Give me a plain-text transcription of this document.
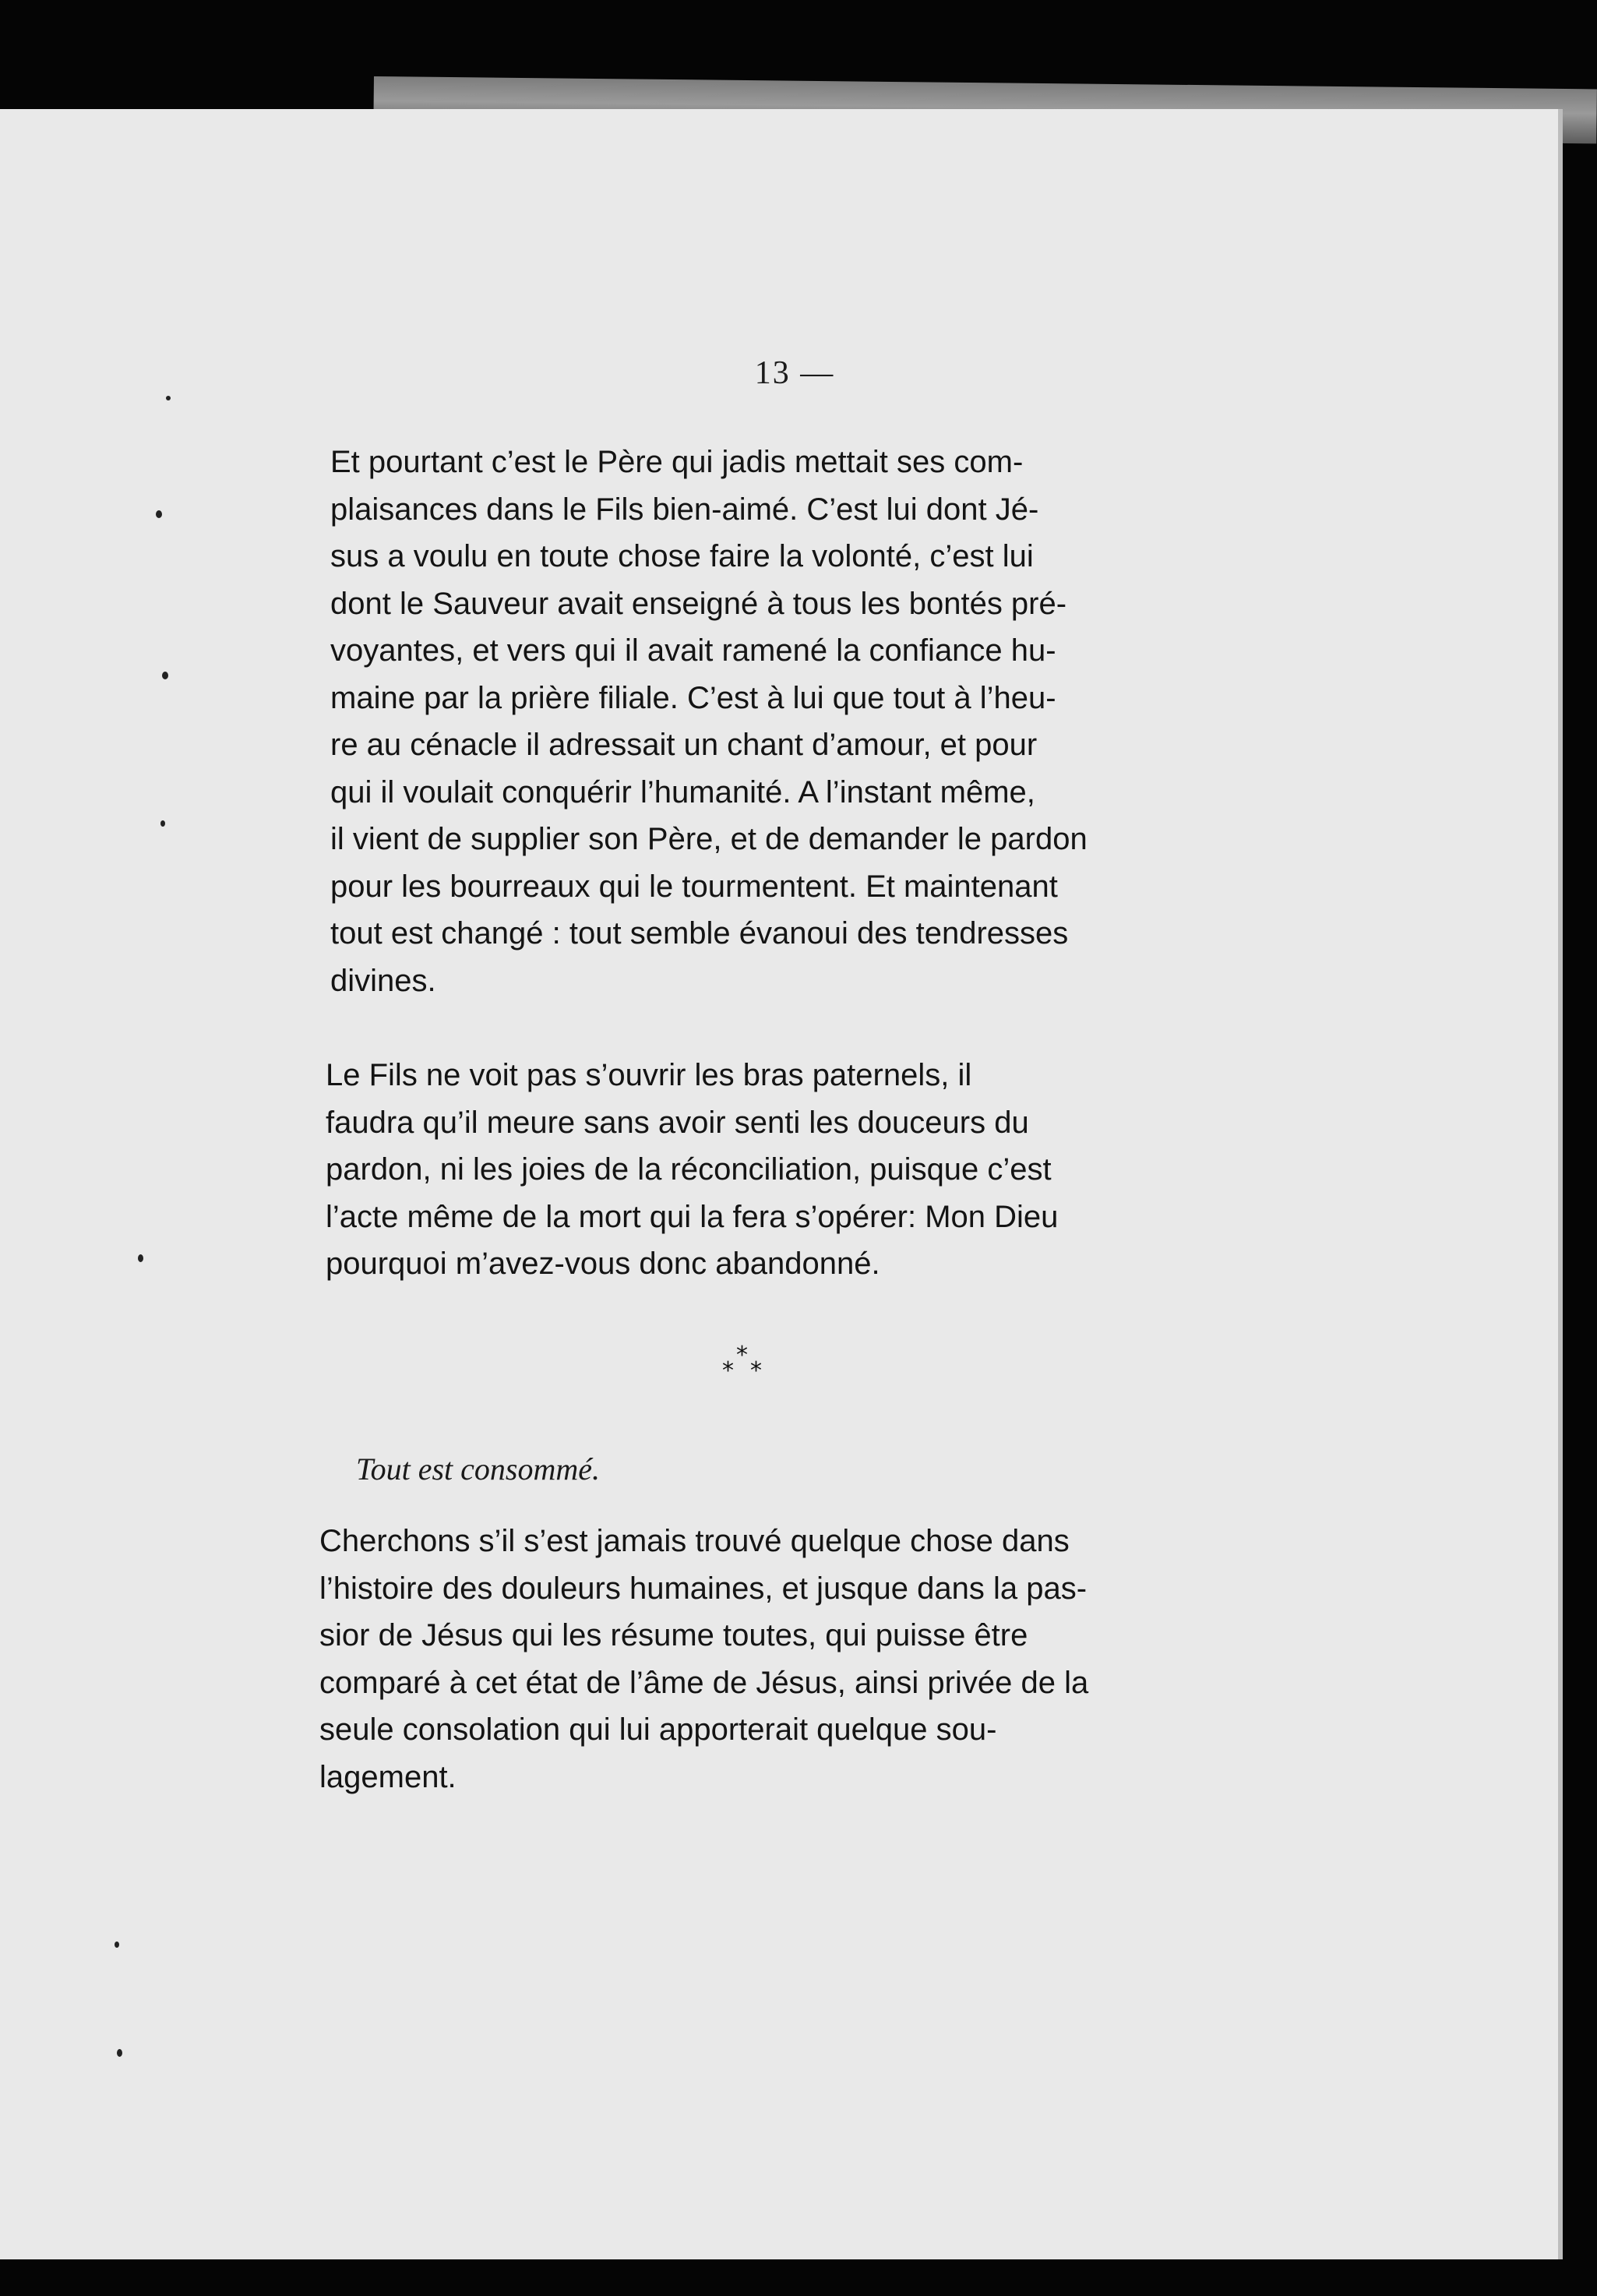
13 —

Et pourtant c’est le Père qui jadis mettait ses com-
plaisances dans le Fils bien-aimé. C’est lui dont Jé-
sus a voulu en toute chose faire la volonté, c’est lui
dont le Sauveur avait enseigné à tous les bontés pré-
voyantes, et vers qui il avait ramené la confiance hu-
maine par la prière filiale. C’est à lui que tout à l’heu-
re au cénacle il adressait un chant d’amour, et pour
qui il voulait conquérir l’humanité. A l’instant même,
il vient de supplier son Père, et de demander le pardon
pour les bourreaux qui le tourmentent. Et maintenant
tout est changé : tout semble évanoui des tendresses
divines.

Le Fils ne voit pas s’ouvrir les bras paternels, il
faudra qu’il meure sans avoir senti les douceurs du
pardon, ni les joies de la réconciliation, puisque c’est
l’acte même de la mort qui la fera s’opérer: Mon Dieu
pourquoi m’avez-vous donc abandonné.

*
* *
Tout est consommé.

Cherchons s’il s’est jamais trouvé quelque chose dans
l’histoire des douleurs humaines, et jusque dans la pas-
sior de Jésus qui les résume toutes, qui puisse être
comparé à cet état de l’âme de Jésus, ainsi privée de la
seule consolation qui lui apporterait quelque sou-
lagement.
